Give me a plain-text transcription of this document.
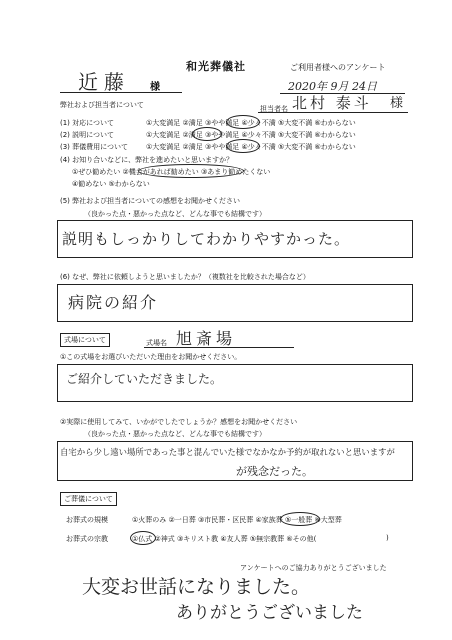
和光葬儀社	ご利用者様へのアンケート
近藤 様	2020年 9月 24日
弊社および担当者について	担当者名 北村 泰斗 様
(1) 対応について	①大変満足 ②満足 ③やや満足 ④少々不満 ⑤大変不満 ⑥わからない
(2) 説明について	①大変満足 ②満足 ③やや満足 ④少々不満 ⑤大変不満 ⑥わからない
(3) 葬儀費用について	①大変満足 ②満足 ③やや満足 ④少々不満 ⑤大変不満 ⑥わからない
(4) お知り合いなどに、弊社を進めたいと思いますか？
①ぜひ勧めたい ②機会があれば勧めたい ③あまり勧めたくない
④勧めない ⑤わからない
(5) 弊社および担当者についての感想をお聞かせください
（良かった点・悪かった点など、どんな事でも結構です）
説明もしっかりしてわかりやすかった。
(6) なぜ、弊社に依頼しようと思いましたか？（複数社を比較された場合など）
病院の紹介
式場について	式場名 旭斎場
①この式場をお選びいただいた理由をお聞かせください。
ご紹介していただきました。
②実際に使用してみて、いかがでしたでしょうか？感想をお聞かせください
（良かった点・悪かった点など、どんな事でも結構です）
自宅から少し遠い場所であった事と混んでいた様でなかなか予約が取れないと思いますが
が残念だった。
ご葬儀について
お葬式の規模	①火葬のみ ②一日葬 ③市民葬・区民葬 ④家族葬 ⑤一般葬 ⑥大型葬
お葬式の宗教	①仏式 ②神式 ③キリスト教 ④友人葬 ⑤無宗教葬 ⑥その他(	)
アンケートへのご協力ありがとうございました
大変お世話になりました。
ありがとうございました
